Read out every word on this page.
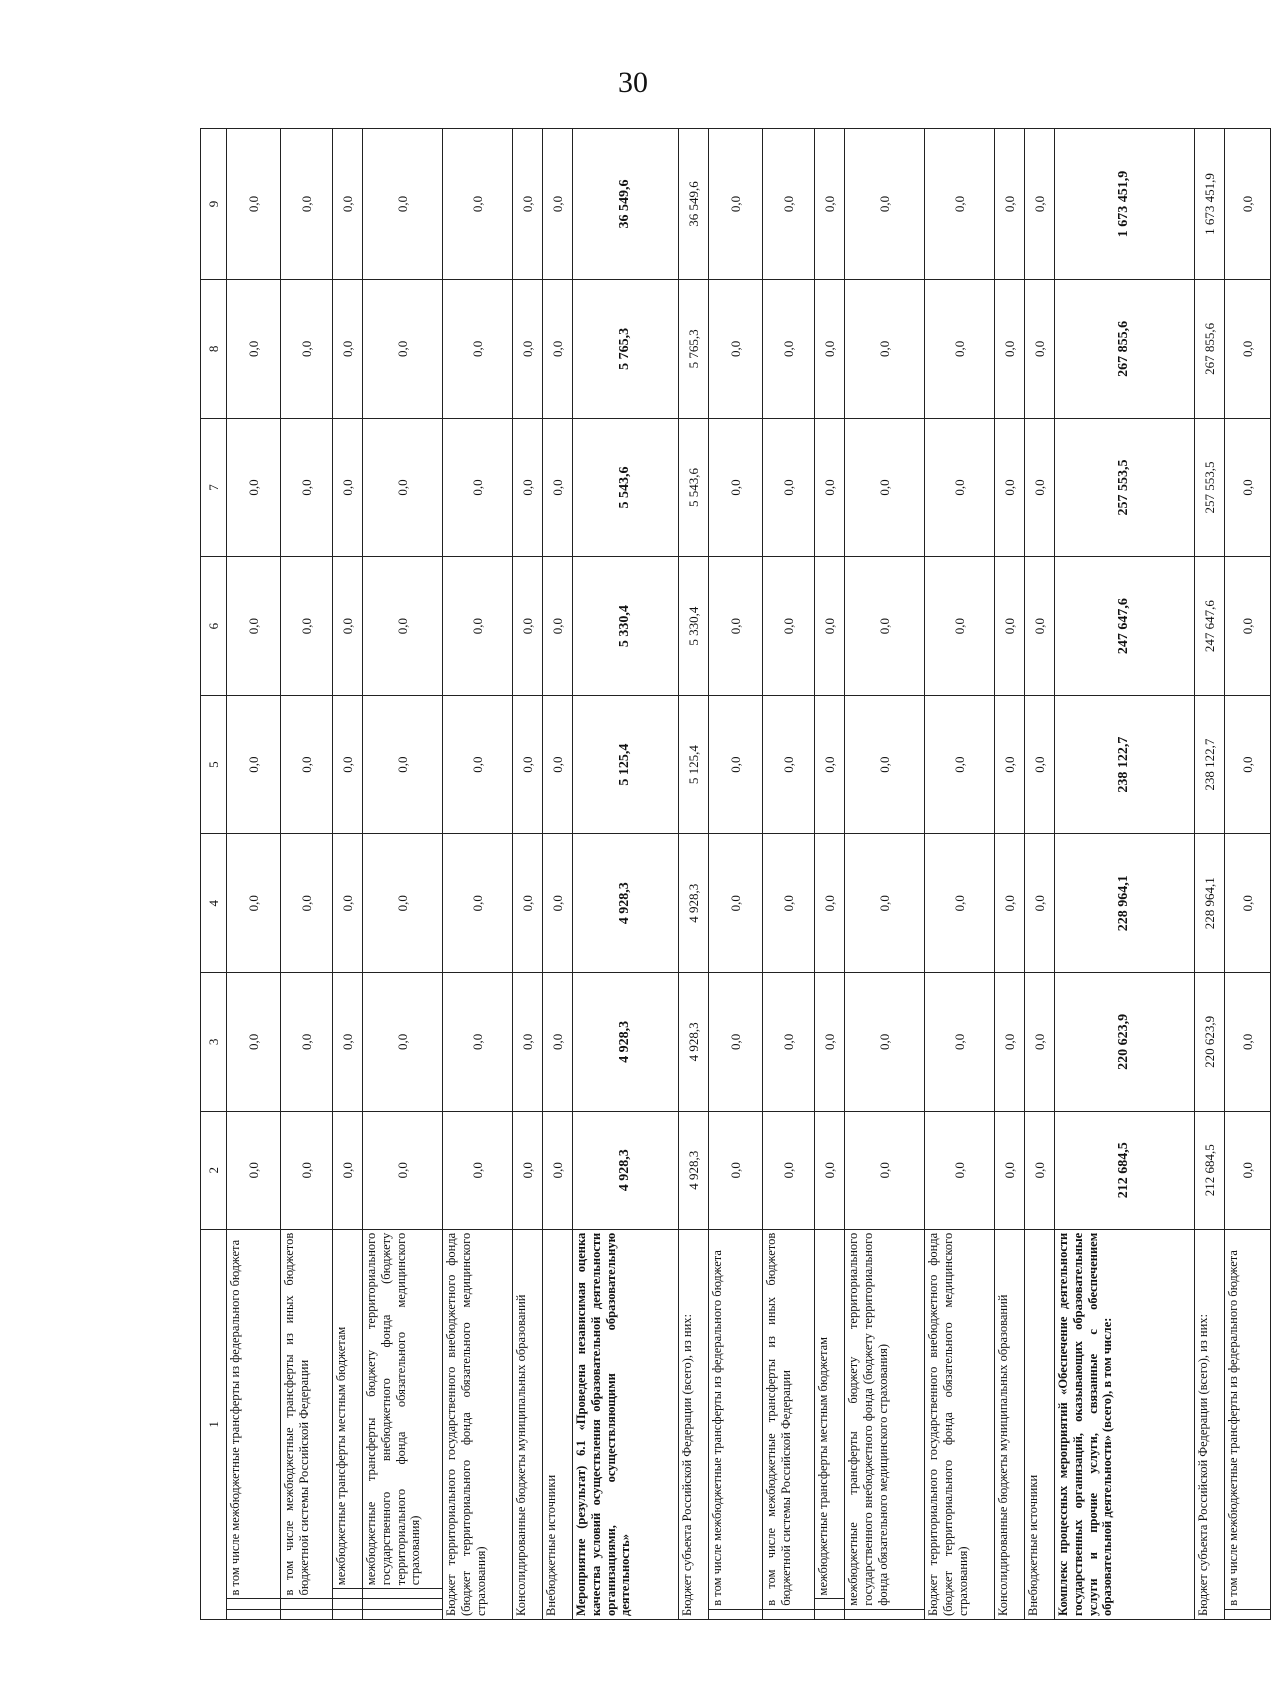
30
1				2	3	4	5	6	7	8	9
		в том числе межбюджетные трансферты из федерального бюджета		0,0	0,0	0,0	0,0	0,0	0,0	0,0	0,0
		в том числе межбюджетные трансферты из иных бюджетов бюджетной системы Российской Федерации		0,0	0,0	0,0	0,0	0,0	0,0	0,0	0,0
			межбюджетные трансферты местным бюджетам	0,0	0,0	0,0	0,0	0,0	0,0	0,0	0,0
			межбюджетные трансферты бюджету территориального государственного внебюджетного фонда (бюджету территориального фонда обязательного медицинского страхования)	0,0	0,0	0,0	0,0	0,0	0,0	0,0	0,0
Бюджет территориального государственного внебюджетного фонда (бюджет территориального фонда обязательного медицинского страхования)				0,0	0,0	0,0	0,0	0,0	0,0	0,0	0,0
Консолидированные бюджеты муниципальных образований				0,0	0,0	0,0	0,0	0,0	0,0	0,0	0,0
Внебюджетные источники				0,0	0,0	0,0	0,0	0,0	0,0	0,0	0,0
Мероприятие (результат) 6.1 «Проведена независимая оценка качества условий осуществления образовательной деятельности организациями, осуществляющими образовательную деятельность»				4 928,3	4 928,3	4 928,3	5 125,4	5 330,4	5 543,6	5 765,3	36 549,6
Бюджет субъекта Российской Федерации (всего), из них:				4 928,3	4 928,3	4 928,3	5 125,4	5 330,4	5 543,6	5 765,3	36 549,6
	в том числе межбюджетные трансферты из федерального бюджета			0,0	0,0	0,0	0,0	0,0	0,0	0,0	0,0
	в том числе межбюджетные трансферты из иных бюджетов бюджетной системы Российской Федерации			0,0	0,0	0,0	0,0	0,0	0,0	0,0	0,0
		межбюджетные трансферты местным бюджетам		0,0	0,0	0,0	0,0	0,0	0,0	0,0	0,0
	межбюджетные трансферты бюджету территориального государственного внебюджетного фонда (бюджету территориального фонда обязательного медицинского страхования)			0,0	0,0	0,0	0,0	0,0	0,0	0,0	0,0
Бюджет территориального государственного внебюджетного фонда (бюджет территориального фонда обязательного медицинского страхования)				0,0	0,0	0,0	0,0	0,0	0,0	0,0	0,0
Консолидированные бюджеты муниципальных образований				0,0	0,0	0,0	0,0	0,0	0,0	0,0	0,0
Внебюджетные источники				0,0	0,0	0,0	0,0	0,0	0,0	0,0	0,0
Комплекс процессных мероприятий «Обеспечение деятельности государственных организаций, оказывающих образовательные услуги и прочие услуги, связанные с обеспечением образовательной деятельности» (всего), в том числе:				212 684,5	220 623,9	228 964,1	238 122,7	247 647,6	257 553,5	267 855,6	1 673 451,9
Бюджет субъекта Российской Федерации (всего), из них:				212 684,5	220 623,9	228 964,1	238 122,7	247 647,6	257 553,5	267 855,6	1 673 451,9
	в том числе межбюджетные трансферты из федерального бюджета			0,0	0,0	0,0	0,0	0,0	0,0	0,0	0,0
